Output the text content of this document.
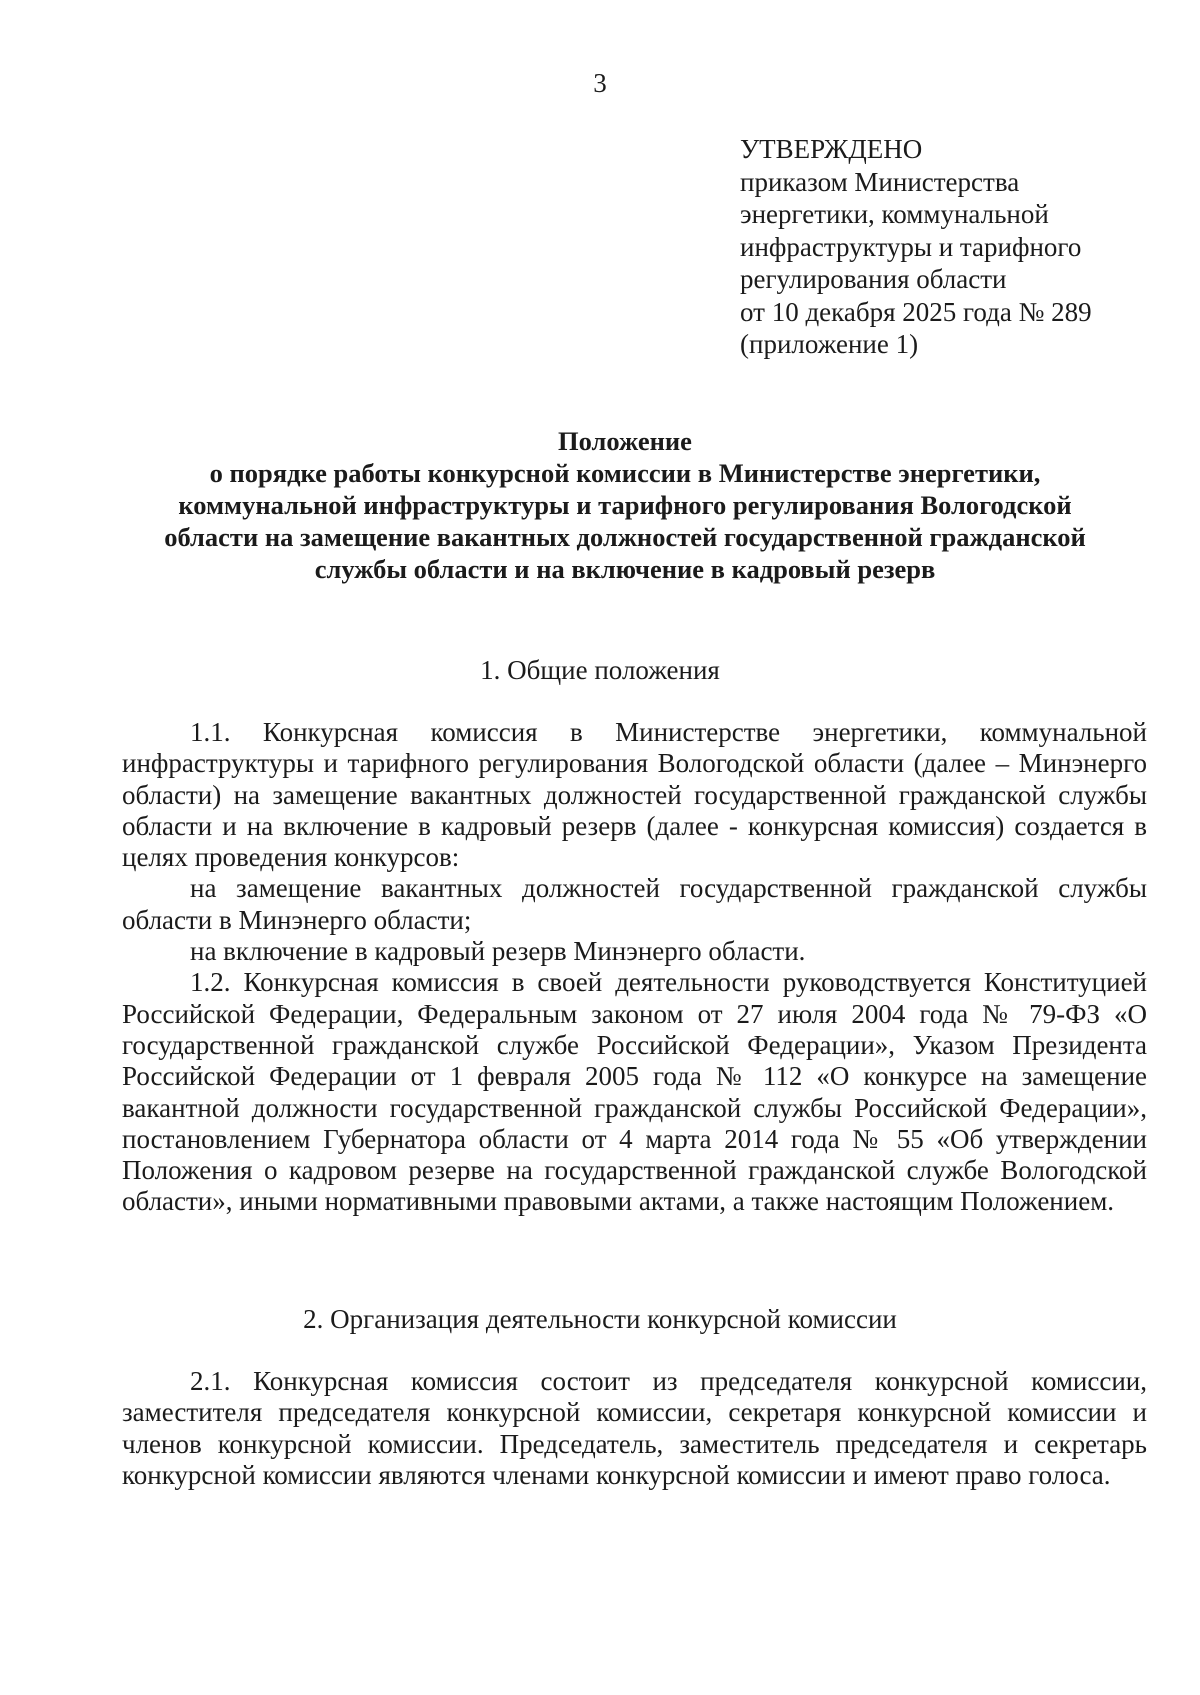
3
УТВЕРЖДЕНО
приказом Министерства
энергетики, коммунальной
инфраструктуры и тарифного
регулирования области
от 10 декабря 2025 года № 289
(приложение 1)
Положение
о порядке работы конкурсной комиссии в Министерстве энергетики,
коммунальной инфраструктуры и тарифного регулирования Вологодской
области на замещение вакантных должностей государственной гражданской
службы области и на включение в кадровый резерв
1. Общие положения

1.1. Конкурсная комиссия в Министерстве энергетики, коммунальной инфраструктуры и тарифного регулирования Вологодской области (далее – Минэнерго области) на замещение вакантных должностей государственной гражданской службы области и на включение в кадровый резерв (далее - конкурсная комиссия) создается в целях проведения конкурсов:

на замещение вакантных должностей государственной гражданской службы области в Минэнерго области;

на включение в кадровый резерв Минэнерго области.

1.2. Конкурсная комиссия в своей деятельности руководствуется Конституцией Российской Федерации, Федеральным законом от 27 июля 2004 года № 79-ФЗ «О государственной гражданской службе Российской Федерации», Указом Президента Российской Федерации от 1 февраля 2005 года № 112 «О конкурсе на замещение вакантной должности государственной гражданской службы Российской Федерации», постановлением Губернатора области от 4 марта 2014 года № 55 «Об утверждении Положения о кадровом резерве на государственной гражданской службе Вологодской области», иными нормативными правовыми актами, а также настоящим Положением.

2. Организация деятельности конкурсной комиссии

2.1. Конкурсная комиссия состоит из председателя конкурсной комиссии, заместителя председателя конкурсной комиссии, секретаря конкурсной комиссии и членов конкурсной комиссии. Председатель, заместитель председателя и секретарь конкурсной комиссии являются членами конкурсной комиссии и имеют право голоса.
